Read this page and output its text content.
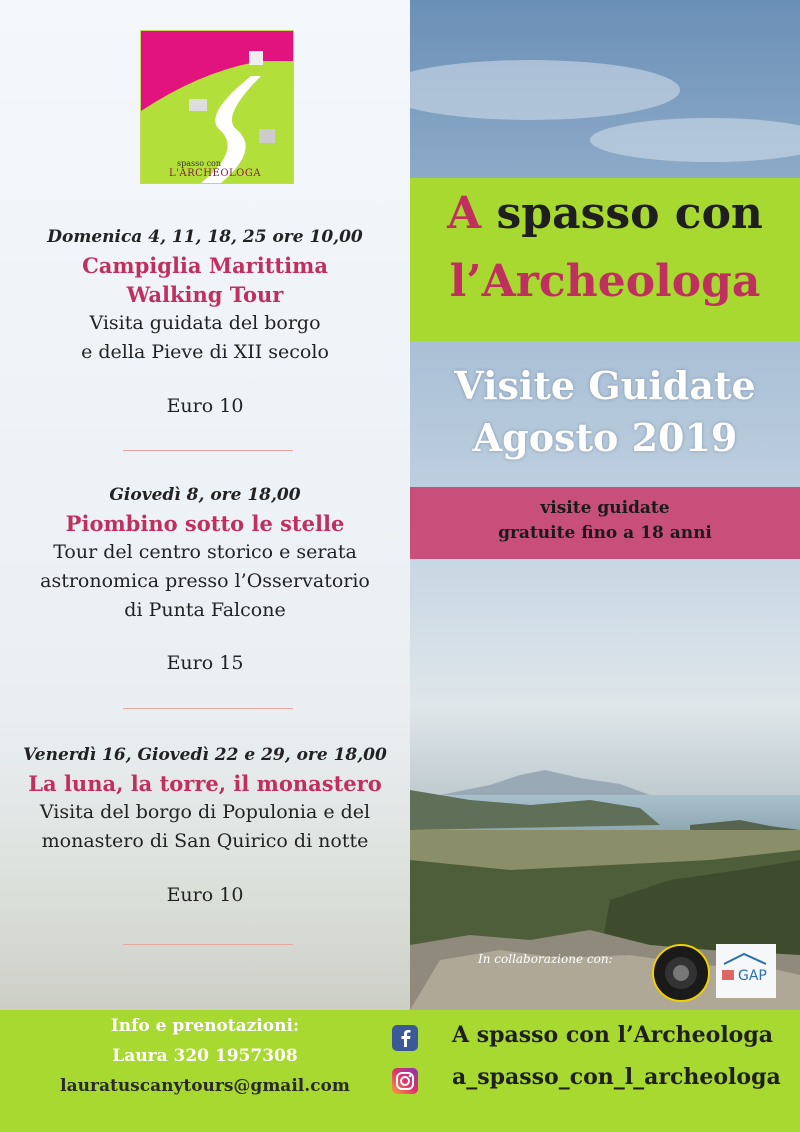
spasso con
L'ARCHEOLOGA
Domenica 4, 11, 18, 25 ore 10,00
Campiglia Marittima
Walking Tour
Visita guidata del borgo
e della Pieve di XII secolo
Euro 10
Giovedì 8, ore 18,00
Piombino sotto le stelle
Tour del centro storico e serata
astronomica presso l’Osservatorio
di Punta Falcone
Euro 15
Venerdì 16, Giovedì 22 e 29, ore 18,00
La luna, la torre, il monastero
Visita del borgo di Populonia e del
monastero di San Quirico di notte
Euro 10
A spasso con
l’Archeologa
Visite Guidate
Agosto 2019
visite guidate
gratuite fino a 18 anni
In collaborazione con:
GAP
Info e prenotazioni:
Laura 320 1957308
lauratuscanytours@gmail.com
A spasso con l’Archeologa
a_spasso_con_l_archeologa
